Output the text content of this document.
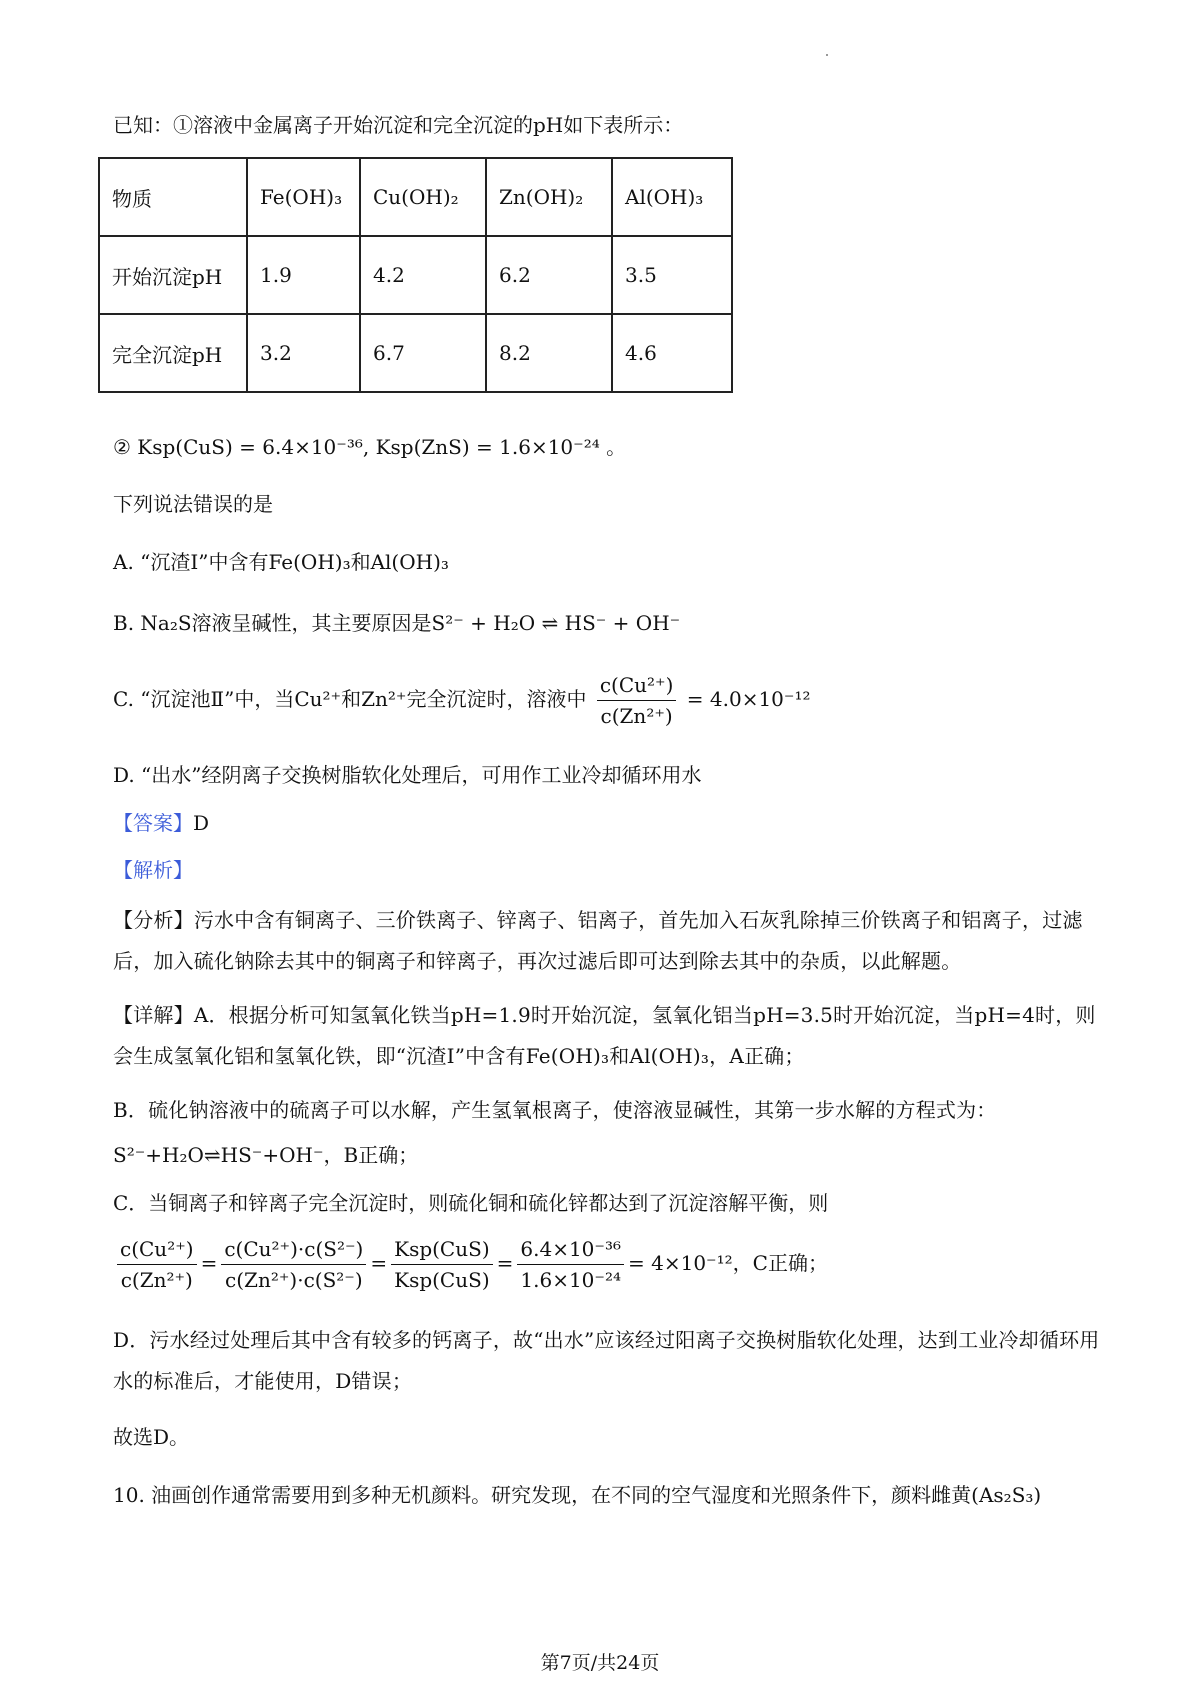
已知：①溶液中金属离子开始沉淀和完全沉淀的pH如下表所示：
物质	Fe(OH)₃	Cu(OH)₂	Zn(OH)₂	Al(OH)₃
开始沉淀pH	1.9	4.2	6.2	3.5
完全沉淀pH	3.2	6.7	8.2	4.6
② Ksp(CuS) = 6.4×10⁻³⁶, Ksp(ZnS) = 1.6×10⁻²⁴ 。
下列说法错误的是
A. “沉渣Ⅰ”中含有Fe(OH)₃和Al(OH)₃
B. Na₂S溶液呈碱性，其主要原因是S²⁻ + H₂O ⇌ HS⁻ + OH⁻
C. “沉淀池Ⅱ”中，当Cu²⁺和Zn²⁺完全沉淀时，溶液中 $\frac{\text{c(Cu²⁺)}}{\text{c(Zn²⁺)}} = 4.0\times 10^{-12}$
D. “出水”经阴离子交换树脂软化处理后，可用作工业冷却循环用水
【答案】D
【解析】
【分析】污水中含有铜离子、三价铁离子、锌离子、铝离子，首先加入石灰乳除掉三价铁离子和铝离子，过滤后，加入硫化钠除去其中的铜离子和锌离子，再次过滤后即可达到除去其中的杂质，以此解题。
【详解】A．根据分析可知氢氧化铁当pH=1.9时开始沉淀，氢氧化铝当pH=3.5时开始沉淀，当pH=4时，则会生成氢氧化铝和氢氧化铁，即“沉渣I”中含有Fe(OH)₃和Al(OH)₃，A正确；
B．硫化钠溶液中的硫离子可以水解，产生氢氧根离子，使溶液显碱性，其第一步水解的方程式为：
S²⁻+H₂O⇌HS⁻+OH⁻，B正确；
C．当铜离子和锌离子完全沉淀时，则硫化铜和硫化锌都达到了沉淀溶解平衡，则
$\frac{\text{c(Cu²⁺)}}{\text{c(Zn²⁺)}} = \frac{\text{c(Cu²⁺)·c(S²⁻)}}{\text{c(Zn²⁺)·c(S²⁻)}} = \frac{\text{Ksp(CuS)}}{\text{Ksp(CuS)}} = \frac{\text{6.4×10⁻³⁶}}{\text{1.6×10⁻²⁴}} = 4\times 10^{-12}$，C正确；
D．污水经过处理后其中含有较多的钙离子，故“出水”应该经过阳离子交换树脂软化处理，达到工业冷却循环用水的标准后，才能使用，D错误；
故选D。
10. 油画创作通常需要用到多种无机颜料。研究发现，在不同的空气湿度和光照条件下，颜料雌黄(As₂S₃)
第7页/共24页
